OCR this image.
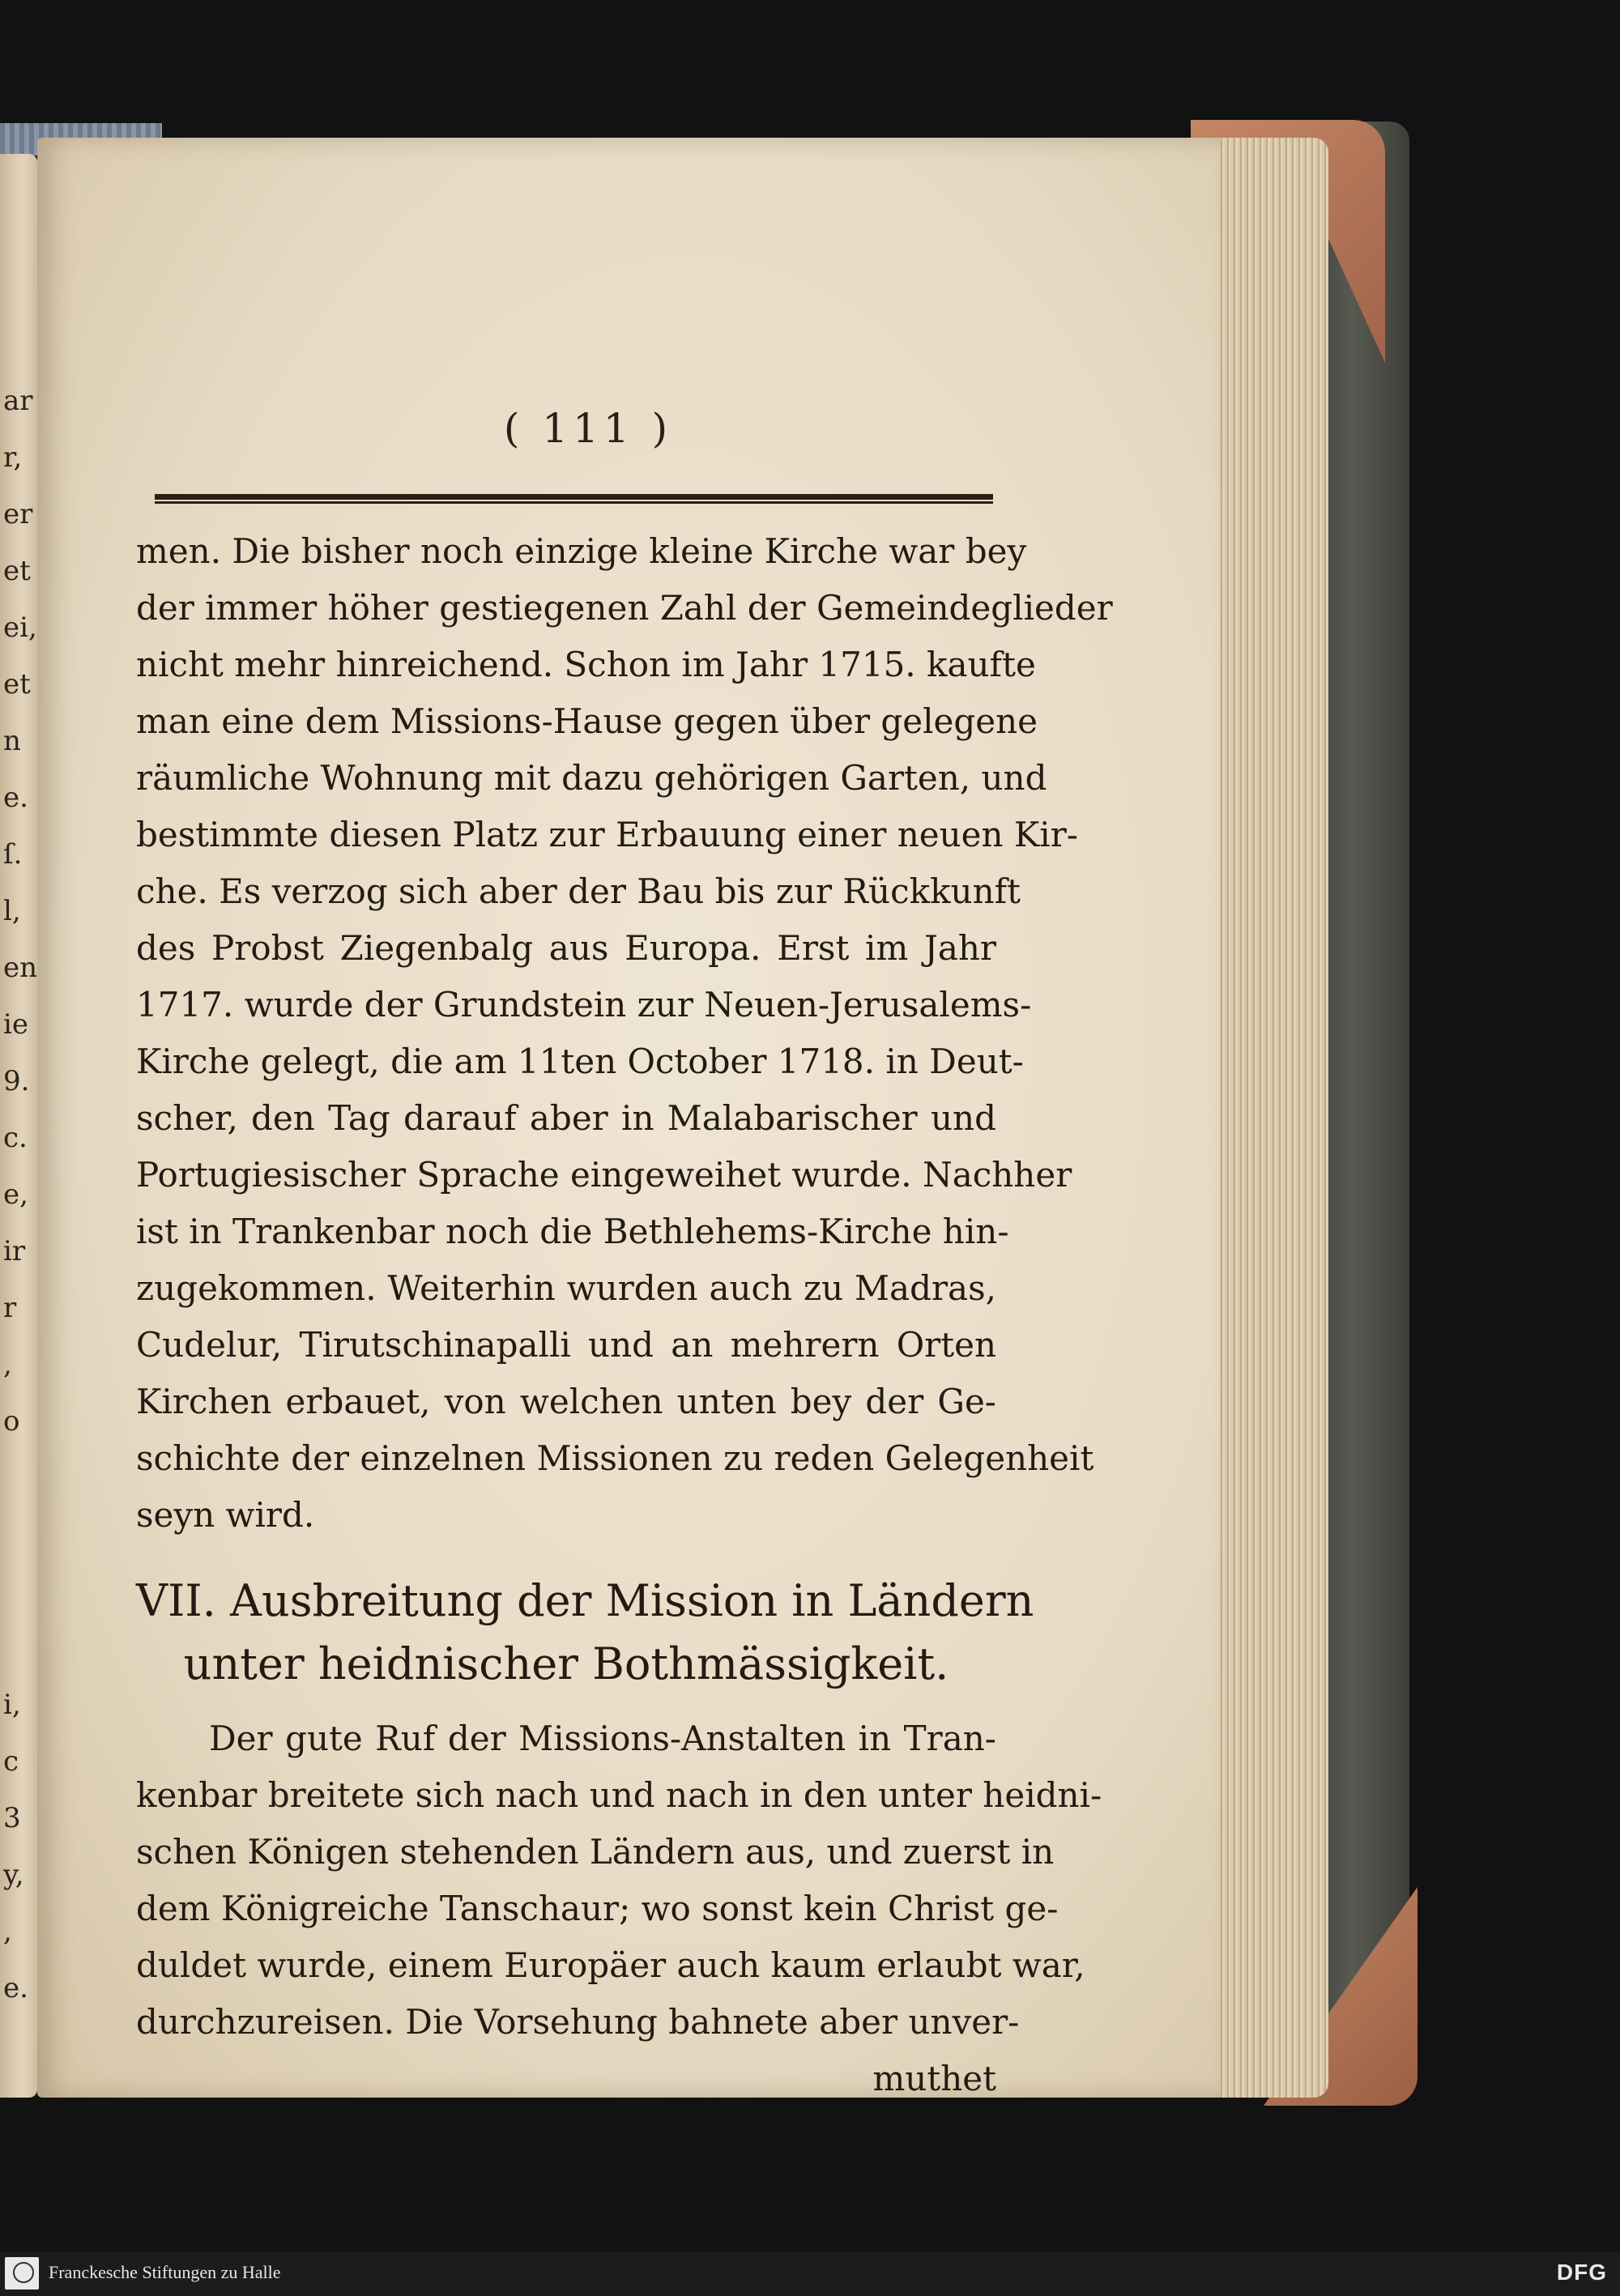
ar
r,
er
et
ei,
et
n
e.
ſ.
l,
en
ie
9.
c.
e,
ir
r
,
o
i,
c
3
y,
,
e.
( 111 )
men. Die bisher noch einzige kleine Kirche war bey
der immer höher gestiegenen Zahl der Gemeindeglieder
nicht mehr hinreichend. Schon im Jahr 1715. kaufte
man eine dem Missions-Hause gegen über gelegene
räumliche Wohnung mit dazu gehörigen Garten, und
bestimmte diesen Platz zur Erbauung einer neuen Kir-
che. Es verzog sich aber der Bau bis zur Rückkunft
des Probst Ziegenbalg aus Europa. Erst im Jahr
1717. wurde der Grundstein zur Neuen-Jerusalems-
Kirche gelegt, die am 11ten October 1718. in Deut-
scher, den Tag darauf aber in Malabarischer und
Portugiesischer Sprache eingeweihet wurde. Nachher
ist in Trankenbar noch die Bethlehems-Kirche hin-
zugekommen. Weiterhin wurden auch zu Madras,
Cudelur, Tirutschinapalli und an mehrern Orten
Kirchen erbauet, von welchen unten bey der Ge-
schichte der einzelnen Missionen zu reden Gelegenheit
seyn wird.
VII. Ausbreitung der Mission in Ländern
unter heidnischer Bothmässigkeit.
Der gute Ruf der Missions-Anstalten in Tran-
kenbar breitete sich nach und nach in den unter heidni-
schen Königen stehenden Ländern aus, und zuerst in
dem Königreiche Tanschaur; wo sonst kein Christ ge-
duldet wurde, einem Europäer auch kaum erlaubt war,
durchzureisen. Die Vorsehung bahnete aber unver-
muthet
Franckesche Stiftungen zu Halle	DFG
